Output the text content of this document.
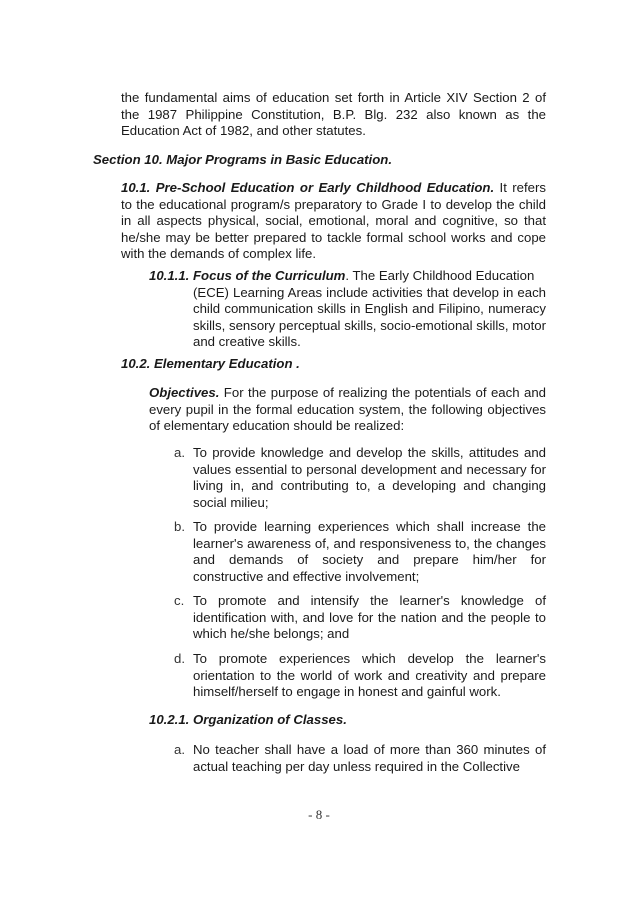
the fundamental aims of education set forth in Article XIV Section 2 of the 1987 Philippine Constitution, B.P. Blg. 232 also known as the Education Act of 1982, and other statutes.

Section 10. Major Programs in Basic Education.

10.1. Pre-School Education or Early Childhood Education. It refers to the educational program/s preparatory to Grade I to develop the child in all aspects physical, social, emotional, moral and cognitive, so that he/she may be better prepared to tackle formal school works and cope with the demands of complex life.

10.1.1. Focus of the Curriculum. The Early Childhood Education

(ECE) Learning Areas include activities that develop in each child communication skills in English and Filipino, numeracy skills, sensory perceptual skills, socio-emotional skills, motor and creative skills.

10.2. Elementary Education .

Objectives. For the purpose of realizing the potentials of each and every pupil in the formal education system, the following objectives of elementary education should be realized:

a. To provide knowledge and develop the skills, attitudes and values essential to personal development and necessary for living in, and contributing to, a developing and changing social milieu;

b. To provide learning experiences which shall increase the learner's awareness of, and responsiveness to, the changes and demands of society and prepare him/her for constructive and effective involvement;

c. To promote and intensify the learner's knowledge of identification with, and love for the nation and the people to which he/she belongs; and

d. To promote experiences which develop the learner's orientation to the world of work and creativity and prepare himself/herself to engage in honest and gainful work.

10.2.1. Organization of Classes.

a. No teacher shall have a load of more than 360 minutes of actual teaching per day unless required in the Collective

- 8 -
